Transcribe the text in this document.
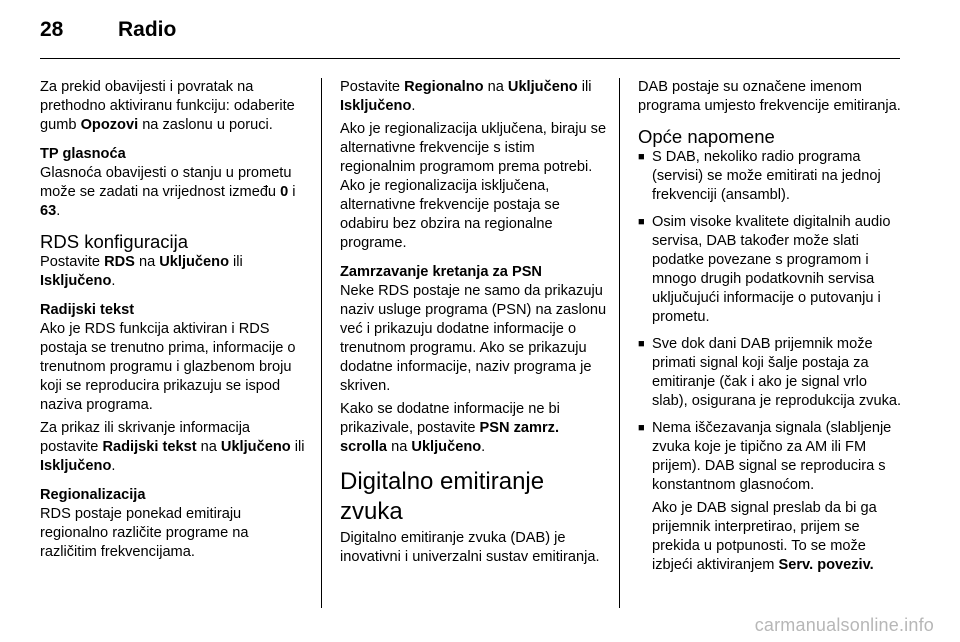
28	Radio

Za prekid obavijesti i povratak na prethodno aktiviranu funkciju: odaberite gumb Opozovi na zaslonu u poruci.

TP glasnoća

Glasnoća obavijesti o stanju u prometu može se zadati na vrijednost između 0 i 63.

RDS konfiguracija

Postavite RDS na Uključeno ili Isključeno.

Radijski tekst

Ako je RDS funkcija aktiviran i RDS postaja se trenutno prima, informacije o trenutnom programu i glazbenom broju koji se reproducira prikazuju se ispod naziva programa.

Za prikaz ili skrivanje informacija postavite Radijski tekst na Uključeno ili Isključeno.

Regionalizacija

RDS postaje ponekad emitiraju regionalno različite programe na različitim frekvencijama.

Postavite Regionalno na Uključeno ili Isključeno.

Ako je regionalizacija uključena, biraju se alternativne frekvencije s istim regionalnim programom prema potrebi. Ako je regionalizacija isključena, alternativne frekvencije postaja se odabiru bez obzira na regionalne programe.

Zamrzavanje kretanja za PSN

Neke RDS postaje ne samo da prikazuju naziv usluge programa (PSN) na zaslonu već i prikazuju dodatne informacije o trenutnom programu. Ako se prikazuju dodatne informacije, naziv programa je skriven.

Kako se dodatne informacije ne bi prikazivale, postavite PSN zamrz. scrolla na Uključeno.

Digitalno emitiranje zvuka

Digitalno emitiranje zvuka (DAB) je inovativni i univerzalni sustav emitiranja.

DAB postaje su označene imenom programa umjesto frekvencije emitiranja.

Opće napomene
■ S DAB, nekoliko radio programa (servisi) se može emitirati na jednoj frekvenciji (ansambl).
■ Osim visoke kvalitete digitalnih audio servisa, DAB također može slati podatke povezane s programom i mnogo drugih podatkovnih servisa uključujući informacije o putovanju i prometu.
■ Sve dok dani DAB prijemnik može primati signal koji šalje postaja za emitiranje (čak i ako je signal vrlo slab), osigurana je reprodukcija zvuka.
■ Nema iščezavanja signala (slabljenje zvuka koje je tipično za AM ili FM prijem). DAB signal se reproducira s konstantnom glasnoćom.

Ako je DAB signal preslab da bi ga prijemnik interpretirao, prijem se prekida u potpunosti. To se može izbjeći aktiviranjem Serv. poveziv.

carmanualsonline.info
